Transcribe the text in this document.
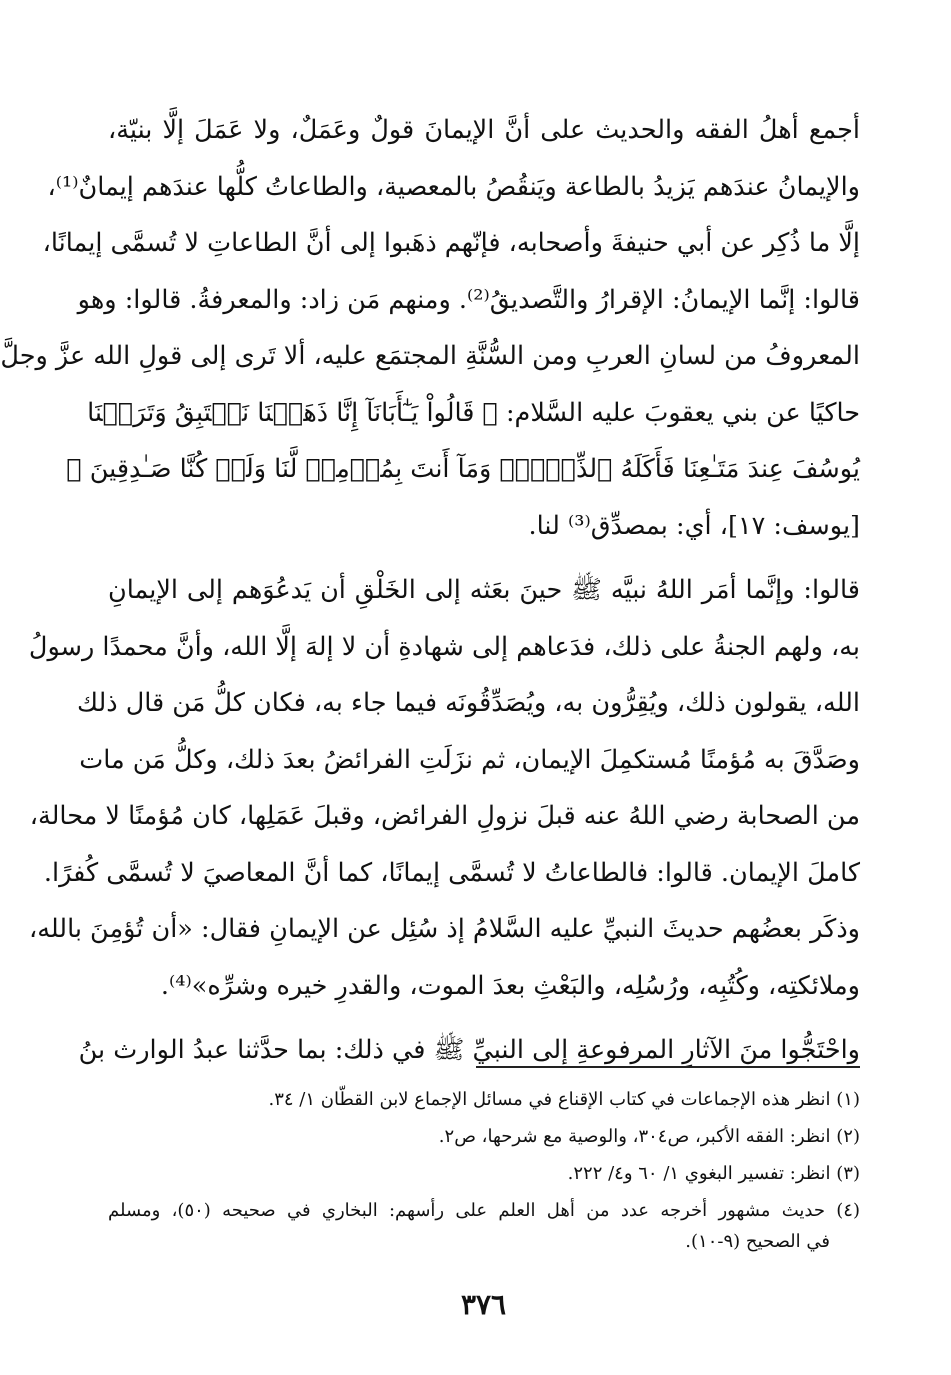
أجمع أهلُ الفقه والحديث على أنَّ الإيمانَ قولٌ وعَمَلٌ، ولا عَمَلَ إلَّا بنيّة،
والإيمانُ عندَهم يَزيدُ بالطاعة ويَنقُصُ بالمعصية، والطاعاتُ كلُّها عندَهم إيمانٌ⁽¹⁾،
إلَّا ما ذُكِر عن أبي حنيفةَ وأصحابه، فإنّهم ذهَبوا إلى أنَّ الطاعاتِ لا تُسمَّى إيمانًا،
قالوا: إنَّما الإيمانُ: الإقرارُ والتَّصديقُ⁽²⁾. ومنهم مَن زاد: والمعرفةُ. قالوا: وهو
المعروفُ من لسانِ العربِ ومن السُّنَّةِ المجتمَع عليه، ألا تَرى إلى قولِ الله عزَّ وجلَّ
حاكيًا عن بني يعقوبَ عليه السَّلام: ﴿ قَالُواْ يَـٰٓأَبَانَآ إِنَّا ذَهَبۡنَا نَسۡتَبِقُ وَتَرَكۡنَا
يُوسُفَ عِندَ مَتَـٰعِنَا فَأَكَلَهُ ٱلذِّئۡبُۖ وَمَآ أَنتَ بِمُؤۡمِنٖ لَّنَا وَلَوۡ كُنَّا صَـٰدِقِينَ ﴾
[يوسف: ١٧]، أي: بمصدِّق⁽³⁾ لنا.
قالوا: وإنَّما أمَر اللهُ نبيَّه ﷺ حينَ بعَثه إلى الخَلْقِ أن يَدعُوَهم إلى الإيمانِ
به، ولهم الجنةُ على ذلك، فدَعاهم إلى شهادةِ أن لا إلهَ إلَّا الله، وأنَّ محمدًا رسولُ
الله، يقولون ذلك، ويُقِرُّون به، ويُصَدِّقُونَه فيما جاء به، فكان كلُّ مَن قال ذلك
وصَدَّقَ به مُؤمنًا مُستكمِلَ الإيمان، ثم نزَلَتِ الفرائضُ بعدَ ذلك، وكلُّ مَن مات
من الصحابة رضي اللهُ عنه قبلَ نزولِ الفرائض، وقبلَ عَمَلِها، كان مُؤمنًا لا محالة،
كاملَ الإيمان. قالوا: فالطاعاتُ لا تُسمَّى إيمانًا، كما أنَّ المعاصيَ لا تُسمَّى كُفرًا.
وذكَر بعضُهم حديثَ النبيِّ عليه السَّلامُ إذ سُئِل عن الإيمانِ فقال: «أن تُؤمِنَ بالله،
وملائكتِه، وكُتُبِه، ورُسُلِه، والبَعْثِ بعدَ الموت، والقدرِ خيره وشرِّه»⁽⁴⁾.
واحْتَجُّوا منَ الآثارِ المرفوعةِ إلى النبيِّ ﷺ في ذلك: بما حدَّثنا عبدُ الوارث بنُ
(١) انظر هذه الإجماعات في كتاب الإقناع في مسائل الإجماع لابن القطّان ١/ ٣٤.
(٢) انظر: الفقه الأكبر، ص٣٠٤، والوصية مع شرحها، ص٢.
(٣) انظر: تفسير البغوي ١/ ٦٠ و٤/ ٢٢٢.
(٤) حديث مشهور أخرجه عدد من أهل العلم على رأسهم: البخاري في صحيحه (٥٠)، ومسلم
في الصحيح (٩-١٠).
٣٧٦
